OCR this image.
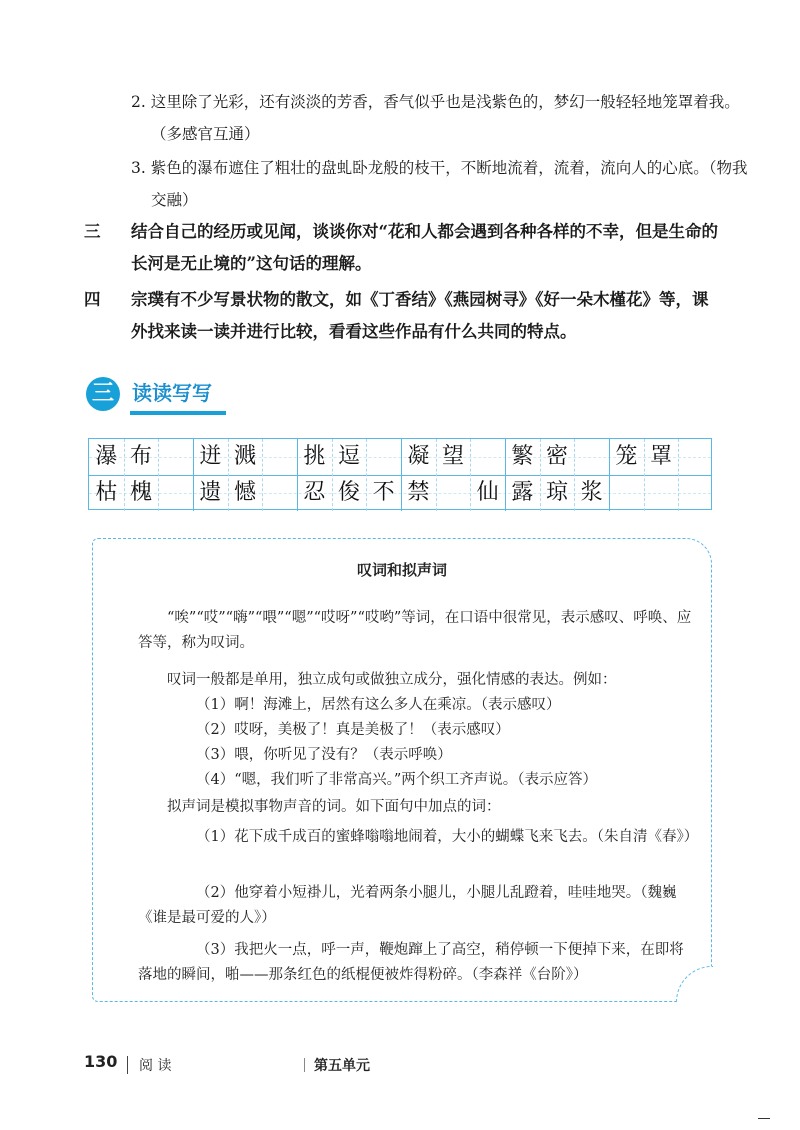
2. 这里除了光彩，还有淡淡的芳香，香气似乎也是浅紫色的，梦幻一般轻轻地笼罩着我。（多感官互通）
3. 紫色的瀑布遮住了粗壮的盘虬卧龙般的枝干，不断地流着，流着，流向人的心底。（物我交融）
三 结合自己的经历或见闻，谈谈你对“花和人都会遇到各种各样的不幸，但是生命的长河是无止境的”这句话的理解。
四 宗璞有不少写景状物的散文，如《丁香结》《燕园树寻》《好一朵木槿花》等，课外找来读一读并进行比较，看看这些作品有什么共同的特点。
三 读读写写
瀑 布 迸 溅 挑 逗 凝 望 繁 密 笼 罩
枯 槐 遗 憾 忍 俊 不 禁 仙 露 琼 浆
叹词和拟声词
“唉”“哎”“嗨”“喂”“嗯”“哎呀”“哎哟”等词，在口语中很常见，表示感叹、呼唤、应答等，称为叹词。
叹词一般都是单用，独立成句或做独立成分，强化情感的表达。例如：
（1）啊！海滩上，居然有这么多人在乘凉。（表示感叹）
（2）哎呀，美极了！真是美极了！（表示感叹）
（3）喂，你听见了没有？（表示呼唤）
（4）“嗯，我们听了非常高兴。”两个织工齐声说。（表示应答）
拟声词是模拟事物声音的词。如下面句中加点的词：
（1）花下成千成百的蜜蜂嗡嗡地闹着，大小的蝴蝶飞来飞去。（朱自清《春》）
（2）他穿着小短褂儿，光着两条小腿儿，小腿儿乱蹬着，哇哇地哭。（魏巍《谁是最可爱的人》）
（3）我把火一点，呼一声，鞭炮蹿上了高空，稍停顿一下便掉下来，在即将落地的瞬间，啪——那条红色的纸棍便被炸得粉碎。（李森祥《台阶》）
130 阅 读	第五单元
